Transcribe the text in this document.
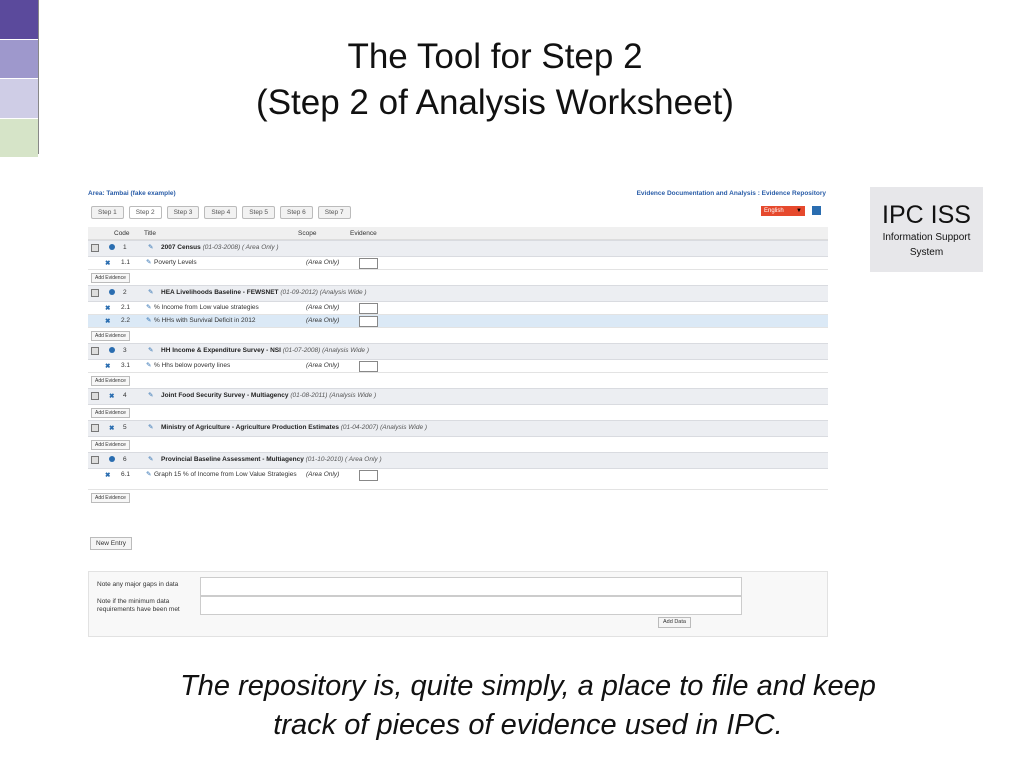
The Tool for Step 2
(Step 2 of Analysis Worksheet)
IPC ISS
Information Support
System
Area: Tambai (fake example)	Evidence Documentation and Analysis : Evidence Repository
Step 1	Step 2	Step 3	Step 4	Step 5	Step 6	Step 7	English ▼
Code Title	Scope	Evidence
1	✎ 2007 Census (01-03-2008) ( Area Only )
✖ 1.1 ✎ Poverty Levels	(Area Only)
Add Evidence
2	✎ HEA Livelihoods Baseline - FEWSNET (01-09-2012) (Analysis Wide )
✖ 2.1 ✎ % Income from Low value strategies	(Area Only)
✖ 2.2 ✎ % HHs with Survival Deficit in 2012	(Area Only)
Add Evidence
3	✎ HH Income & Expenditure Survey - NSI (01-07-2008) (Analysis Wide )
✖ 3.1 ✎ % Hhs below poverty lines	(Area Only)
Add Evidence
✖ 4	✎ Joint Food Security Survey - Multiagency (01-08-2011) (Analysis Wide )
Add Evidence
✖ 5	✎ Ministry of Agriculture - Agriculture Production Estimates (01-04-2007) (Analysis Wide )
Add Evidence
6	✎ Provincial Baseline Assessment - Multiagency (01-10-2010) ( Area Only )
✖ 6.1 ✎ Graph 15 % of Income from Low Value Strategies	(Area Only)
Add Evidence
New Entry
Note any major gaps in data
Note if the minimum data requirements have been met
Add Data
The repository is, quite simply, a place to file and keep
track of pieces of evidence used in IPC.
